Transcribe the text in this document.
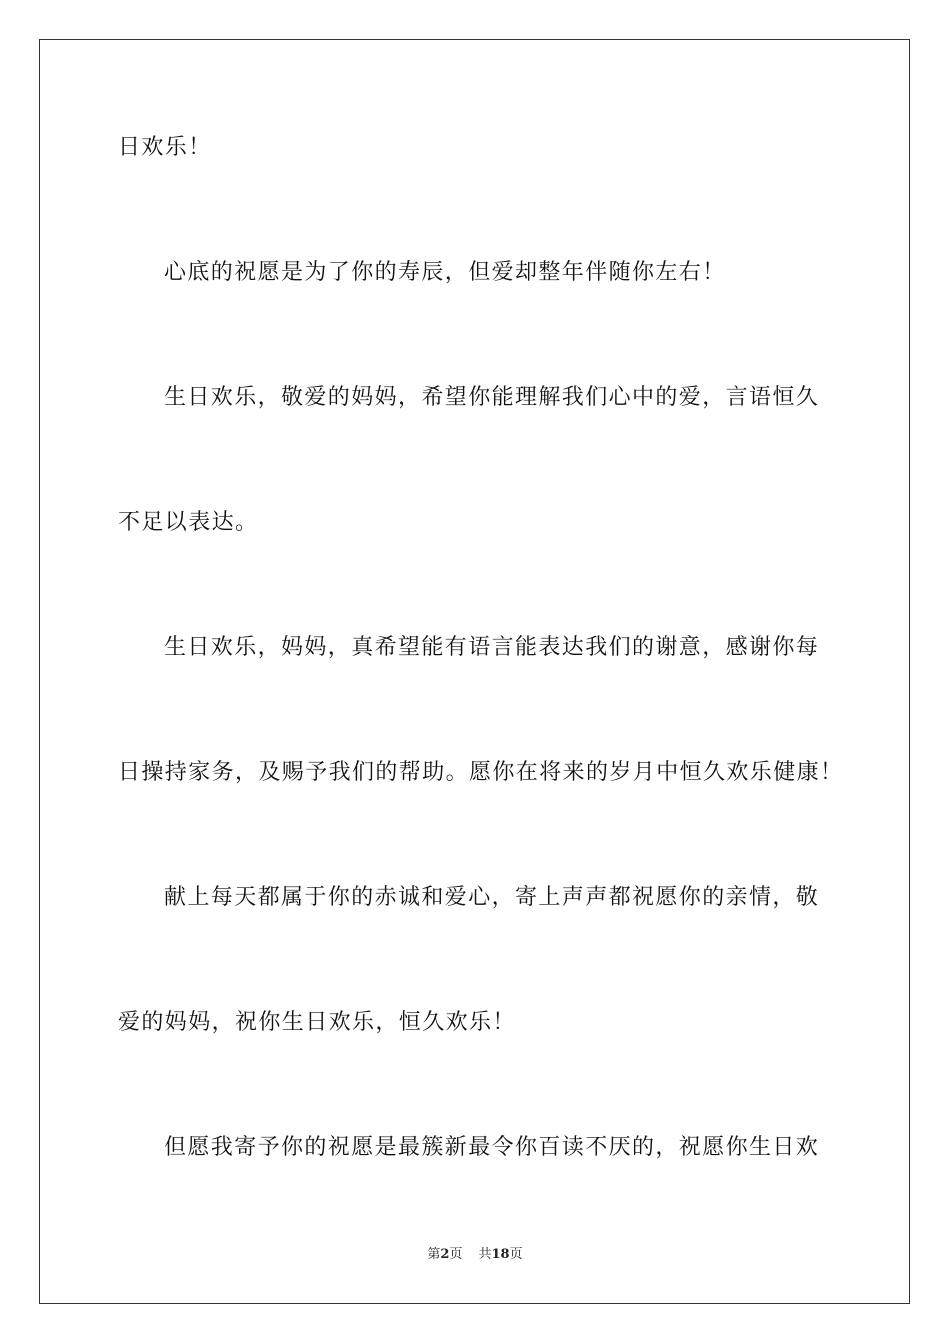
日欢乐！
心底的祝愿是为了你的寿辰，但爱却整年伴随你左右！
生日欢乐，敬爱的妈妈，希望你能理解我们心中的爱，言语恒久
不足以表达。
生日欢乐，妈妈，真希望能有语言能表达我们的谢意，感谢你每
日操持家务，及赐予我们的帮助。愿你在将来的岁月中恒久欢乐健康！
献上每天都属于你的赤诚和爱心，寄上声声都祝愿你的亲情，敬
爱的妈妈，祝你生日欢乐，恒久欢乐！
但愿我寄予你的祝愿是最簇新最令你百读不厌的，祝愿你生日欢
第2页 共18页
